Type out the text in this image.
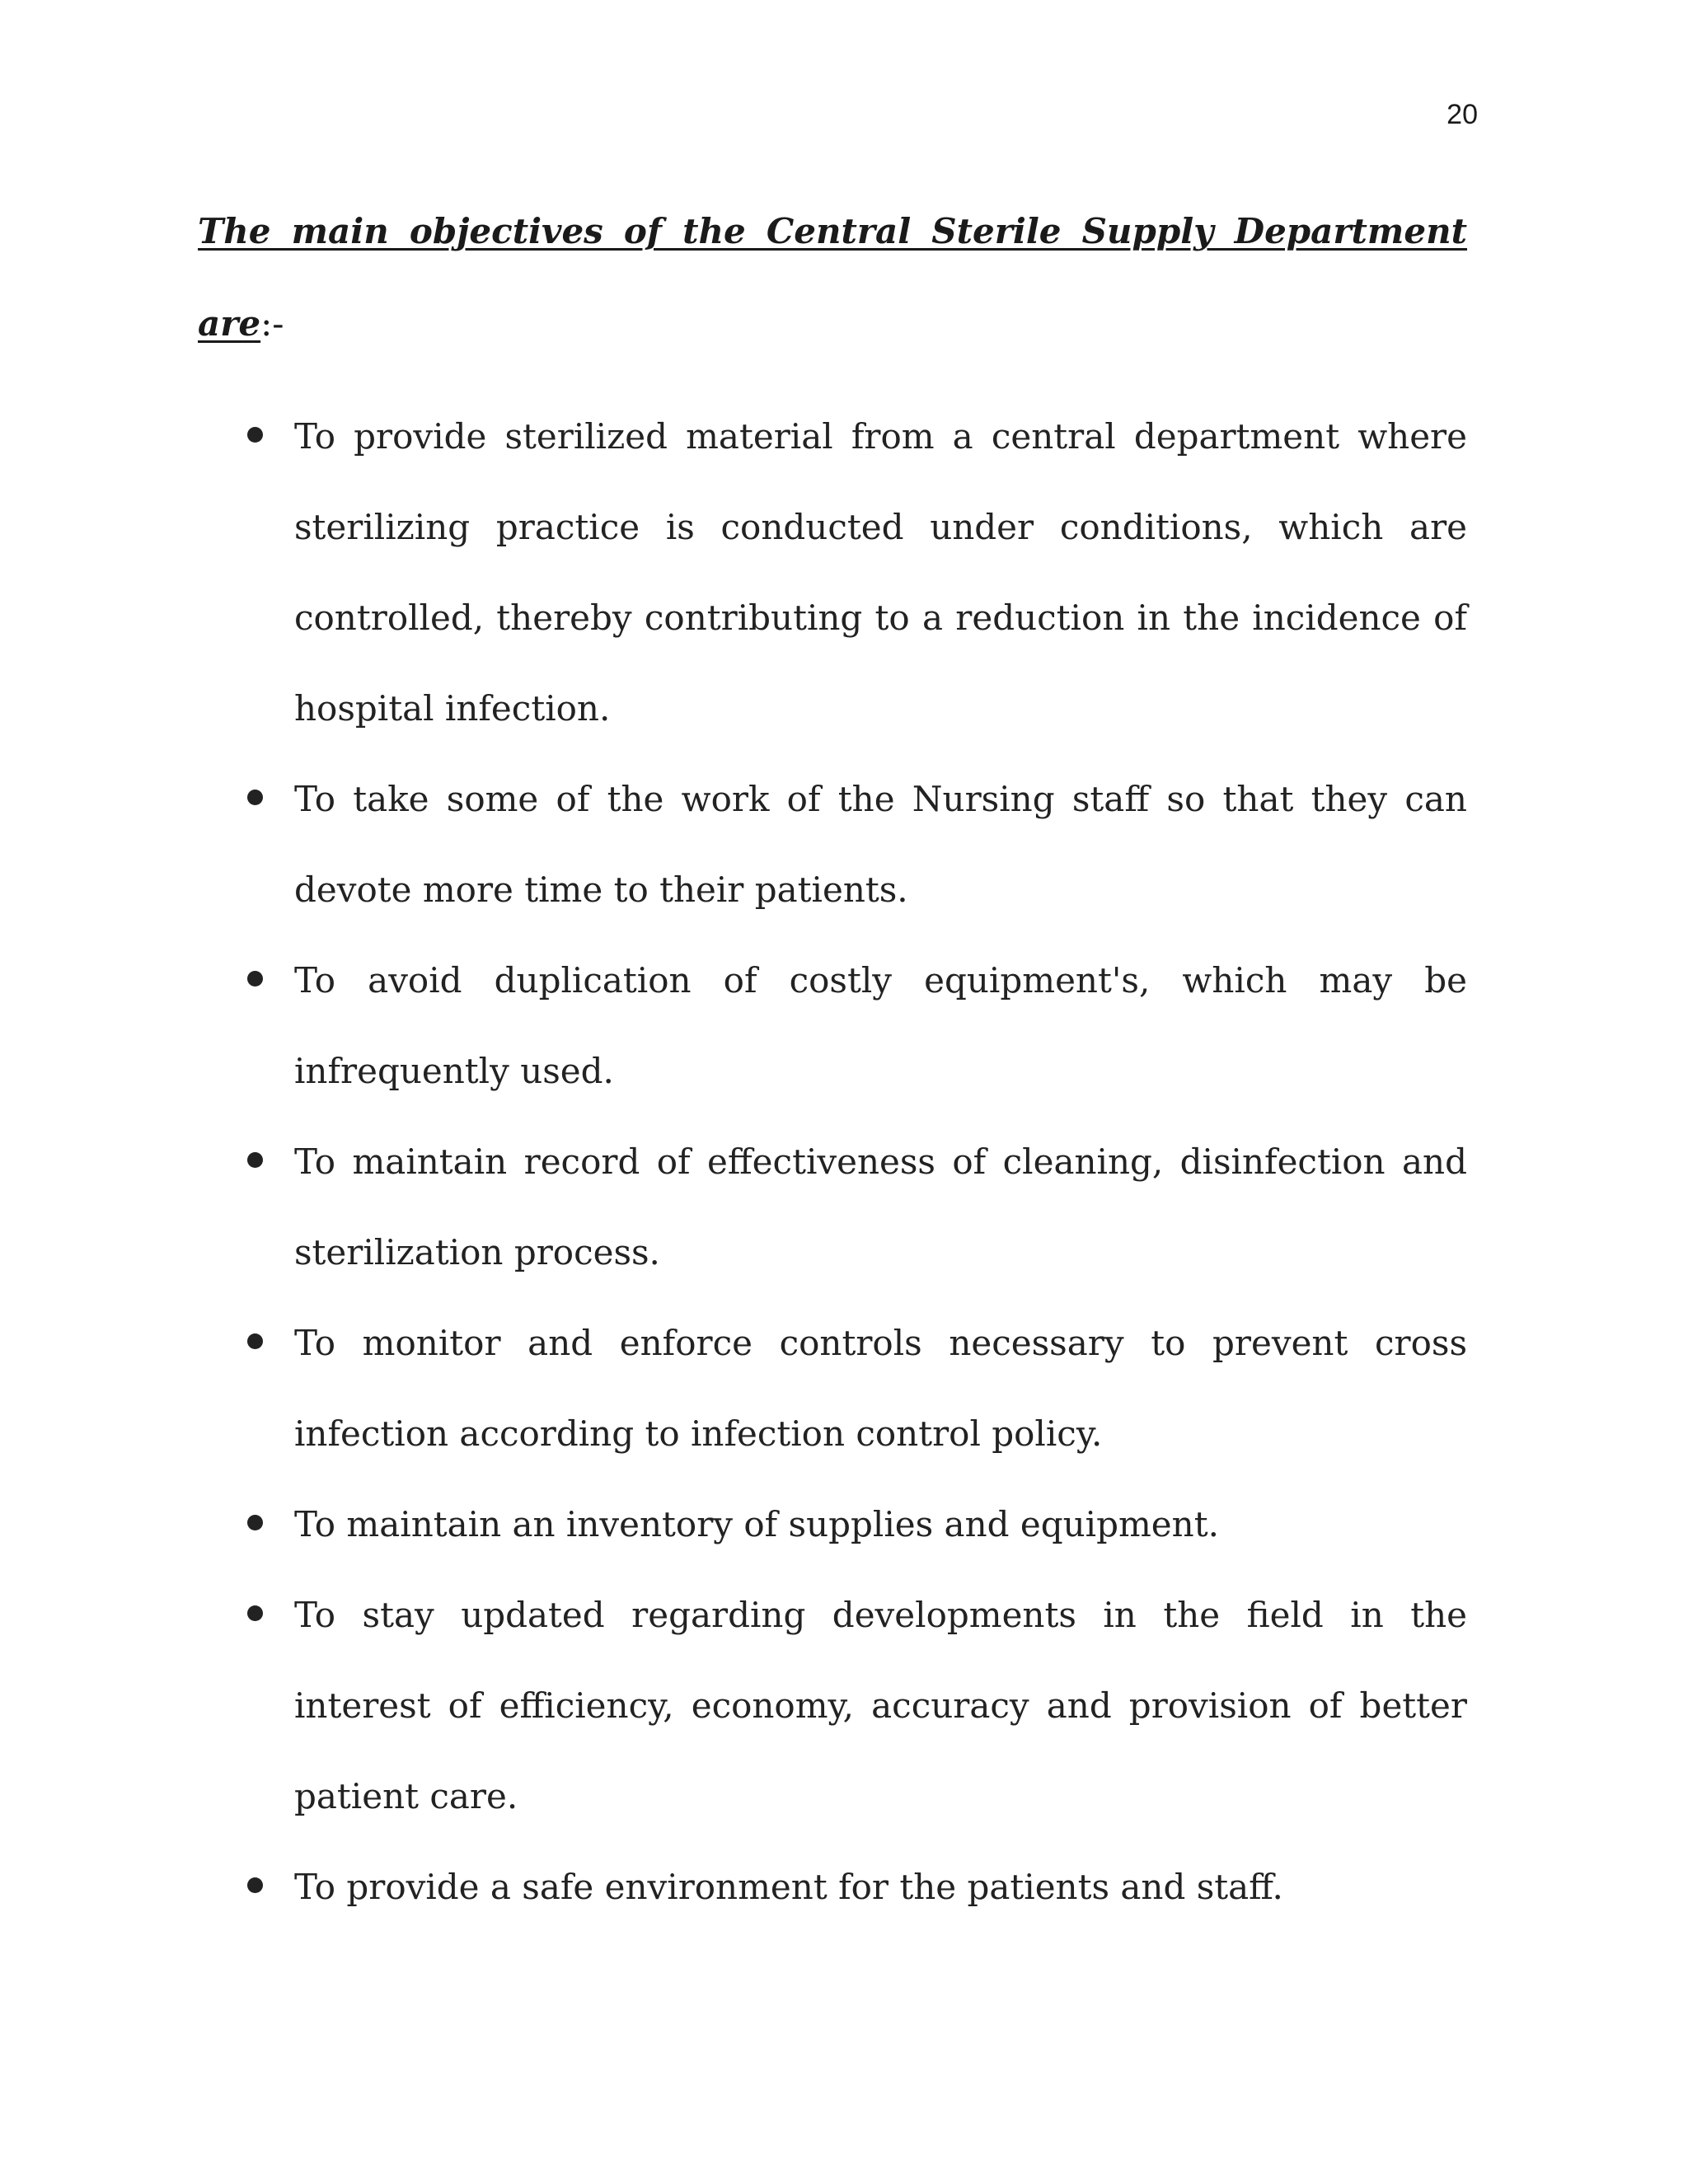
20
The main objectives of the Central Sterile Supply Department are:-
To provide sterilized material from a central department where sterilizing practice is conducted under conditions, which are controlled, thereby contributing to a reduction in the incidence of hospital infection.
To take some of the work of the Nursing staff so that they can devote more time to their patients.
To avoid duplication of costly equipment's, which may be infrequently used.
To maintain record of effectiveness of cleaning, disinfection and sterilization process.
To monitor and enforce controls necessary to prevent cross infection according to infection control policy.
To maintain an inventory of supplies and equipment.
To stay updated regarding developments in the field in the interest of efficiency, economy, accuracy and provision of better patient care.
To provide a safe environment for the patients and staff.
